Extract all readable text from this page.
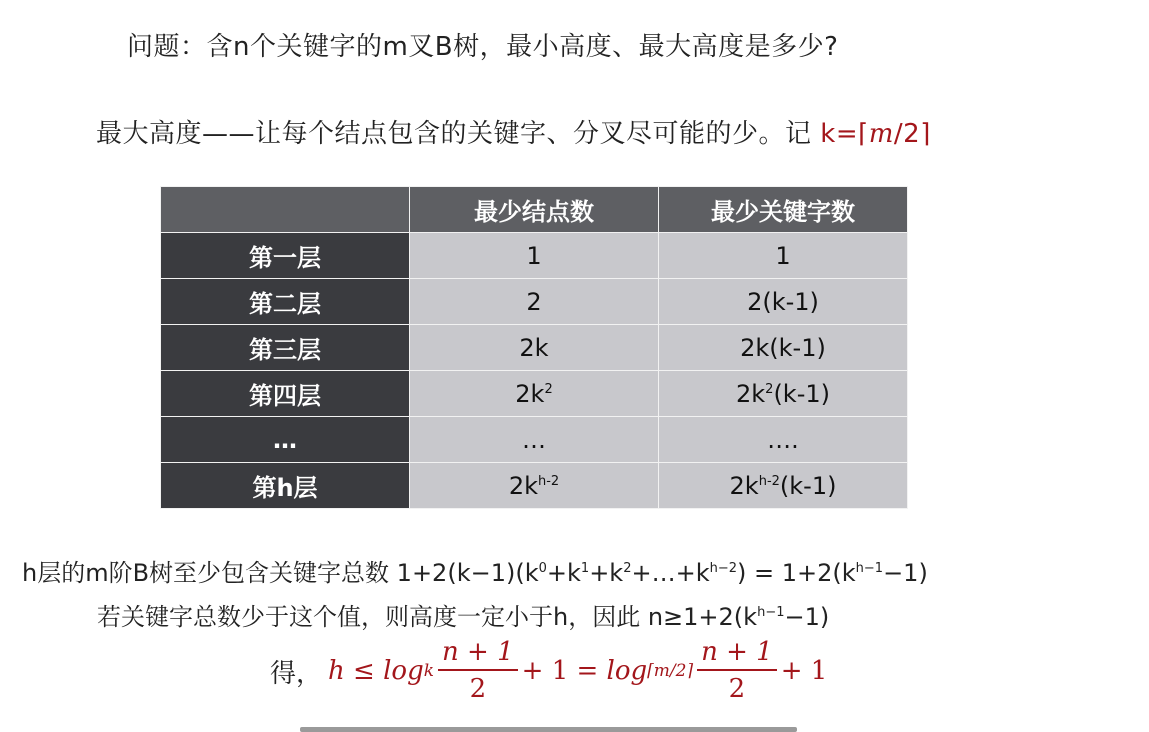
问题：含n个关键字的m叉B树，最小高度、最大高度是多少?
最大高度——让每个结点包含的关键字、分叉尽可能的少。记 k=⌈m/2⌉
	最少结点数	最少关键字数
第一层	1	1
第二层	2	2(k-1)
第三层	2k	2k(k-1)
第四层	$2k^2$	$2k^2(k-1)$
…	…	….
第h层	$2k^{h-2}$	$2k^{h-2}(k-1)$
h层的m阶B树至少包含关键字总数 $1+2(k-1)(k^0+k^1+k^2+\dots+k^{h-2}) = 1+2(k^{h-1}-1)$
若关键字总数少于这个值，则高度一定小于h，因此 $n\ge 1+2(k^{h-1}-1)$
得， h ≤ log k $\frac{n + 1}{2} + 1 = \log$ ⌈m/2⌉ $\frac{n + 1}{2} + 1$
